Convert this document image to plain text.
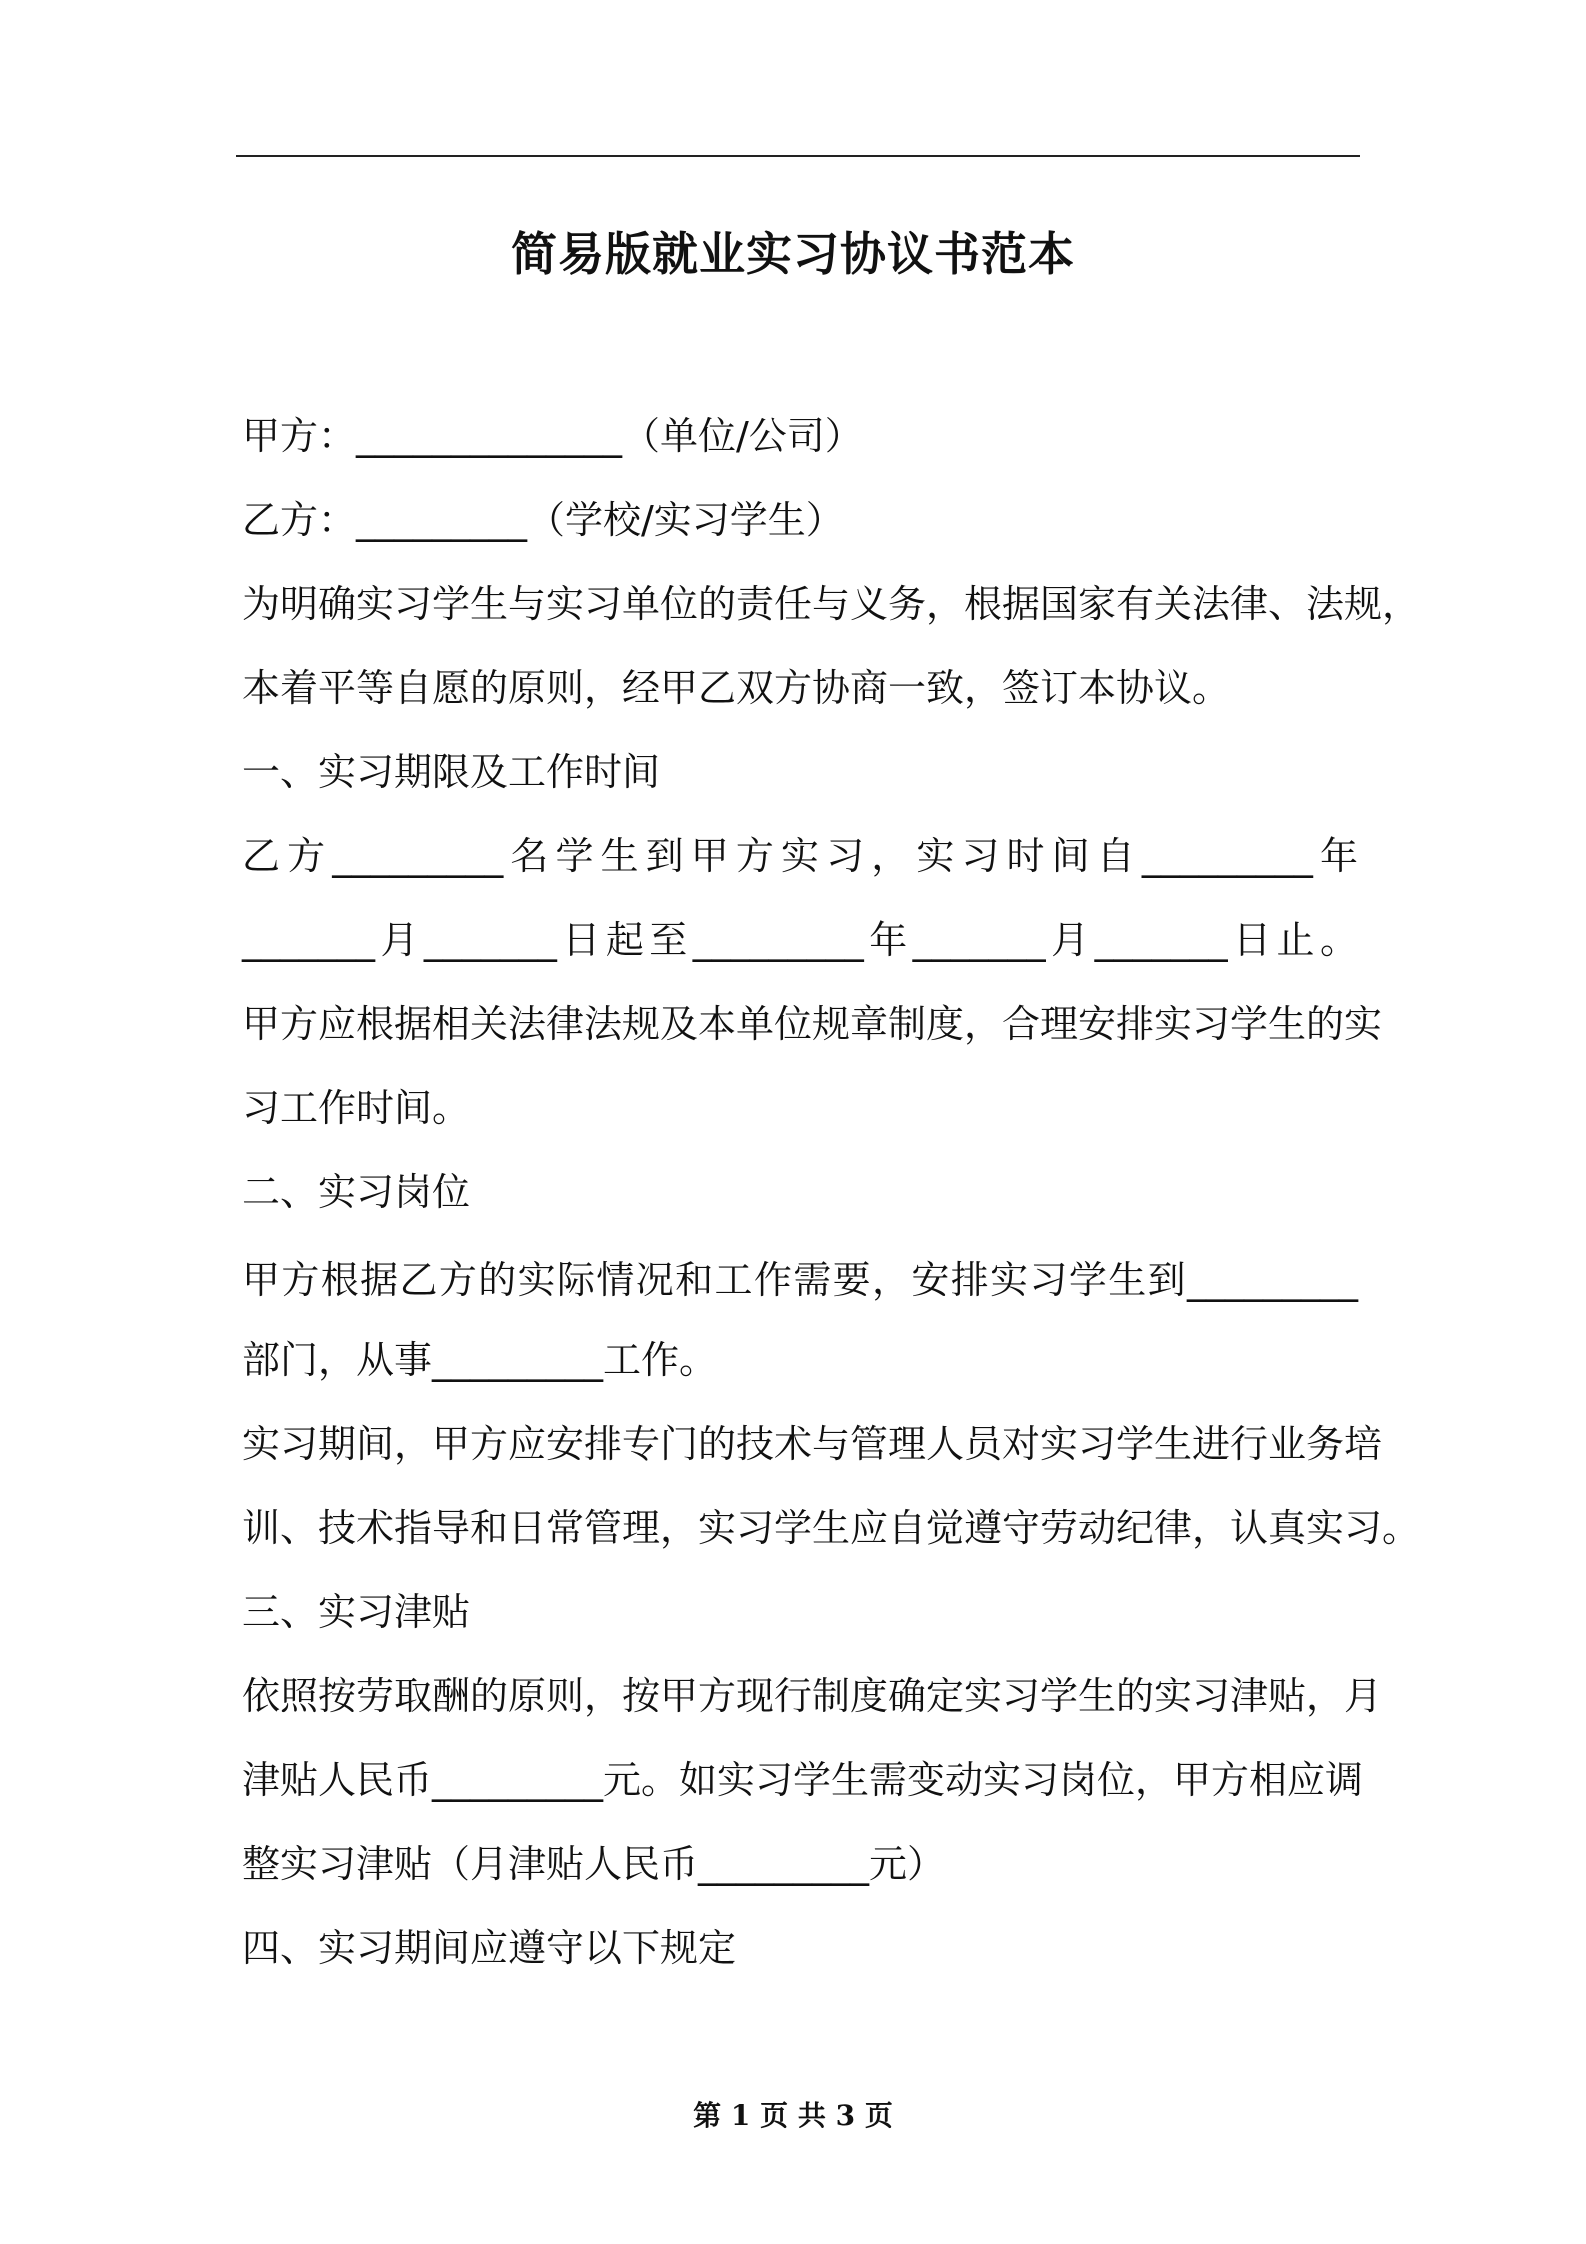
简易版就业实习协议书范本
甲方：______________（单位/公司）
乙方：_________（学校/实习学生）
为明确实习学生与实习单位的责任与义务，根据国家有关法律、法规，
本着平等自愿的原则，经甲乙双方协商一致，签订本协议。
一、实习期限及工作时间
乙方_________名学生到甲方实习，实习时间自_________年
_______月_______日起至_________年_______月_______日止。
甲方应根据相关法律法规及本单位规章制度，合理安排实习学生的实
习工作时间。
二、实习岗位
甲方根据乙方的实际情况和工作需要，安排实习学生到_________
部门，从事_________工作。
实习期间，甲方应安排专门的技术与管理人员对实习学生进行业务培
训、技术指导和日常管理，实习学生应自觉遵守劳动纪律，认真实习。
三、实习津贴
依照按劳取酬的原则，按甲方现行制度确定实习学生的实习津贴，月
津贴人民币_________元。如实习学生需变动实习岗位，甲方相应调
整实习津贴（月津贴人民币_________元）
四、实习期间应遵守以下规定
第 1 页 共 3 页
